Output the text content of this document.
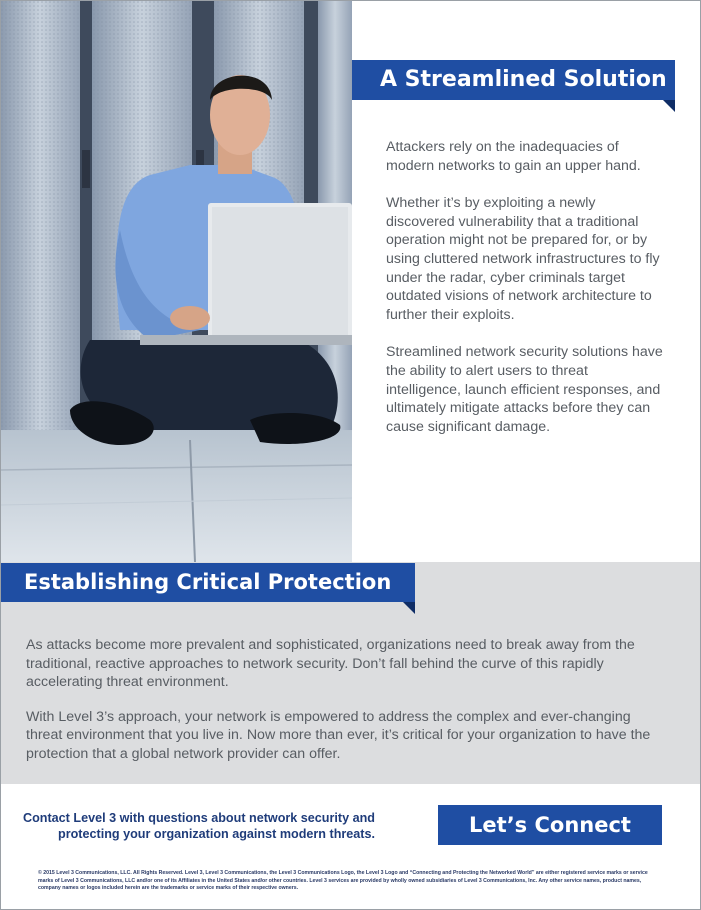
A Streamlined Solution

Attackers rely on the inadequacies of modern networks to gain an upper hand.

Whether it’s by exploiting a newly discovered vulnerability that a traditional operation might not be prepared for, or by using cluttered network infrastructures to fly under the radar, cyber criminals target outdated visions of network architecture to further their exploits.

Streamlined network security solutions have the ability to alert users to threat intelligence, launch efficient responses, and ultimately mitigate attacks before they can cause significant damage.

Establishing Critical Protection

As attacks become more prevalent and sophisticated, organizations need to break away from the traditional, reactive approaches to network security. Don’t fall behind the curve of this rapidly accelerating threat environment.

With Level 3’s approach, your network is empowered to address the complex and ever-changing threat environment that you live in. Now more than ever, it’s critical for your organization to have the protection that a global network provider can offer.

Contact Level 3 with questions about network security and
protecting your organization against modern threats.	Let’s Connect
© 2015 Level 3 Communications, LLC. All Rights Reserved. Level 3, Level 3 Communications, the Level 3 Communications Logo, the Level 3 Logo and “Connecting and Protecting the Networked World” are either registered service marks or service marks of Level 3 Communications, LLC and/or one of its Affiliates in the United States and/or other countries. Level 3 services are provided by wholly owned subsidiaries of Level 3 Communications, Inc. Any other service names, product names, company names or logos included herein are the trademarks or service marks of their respective owners.
